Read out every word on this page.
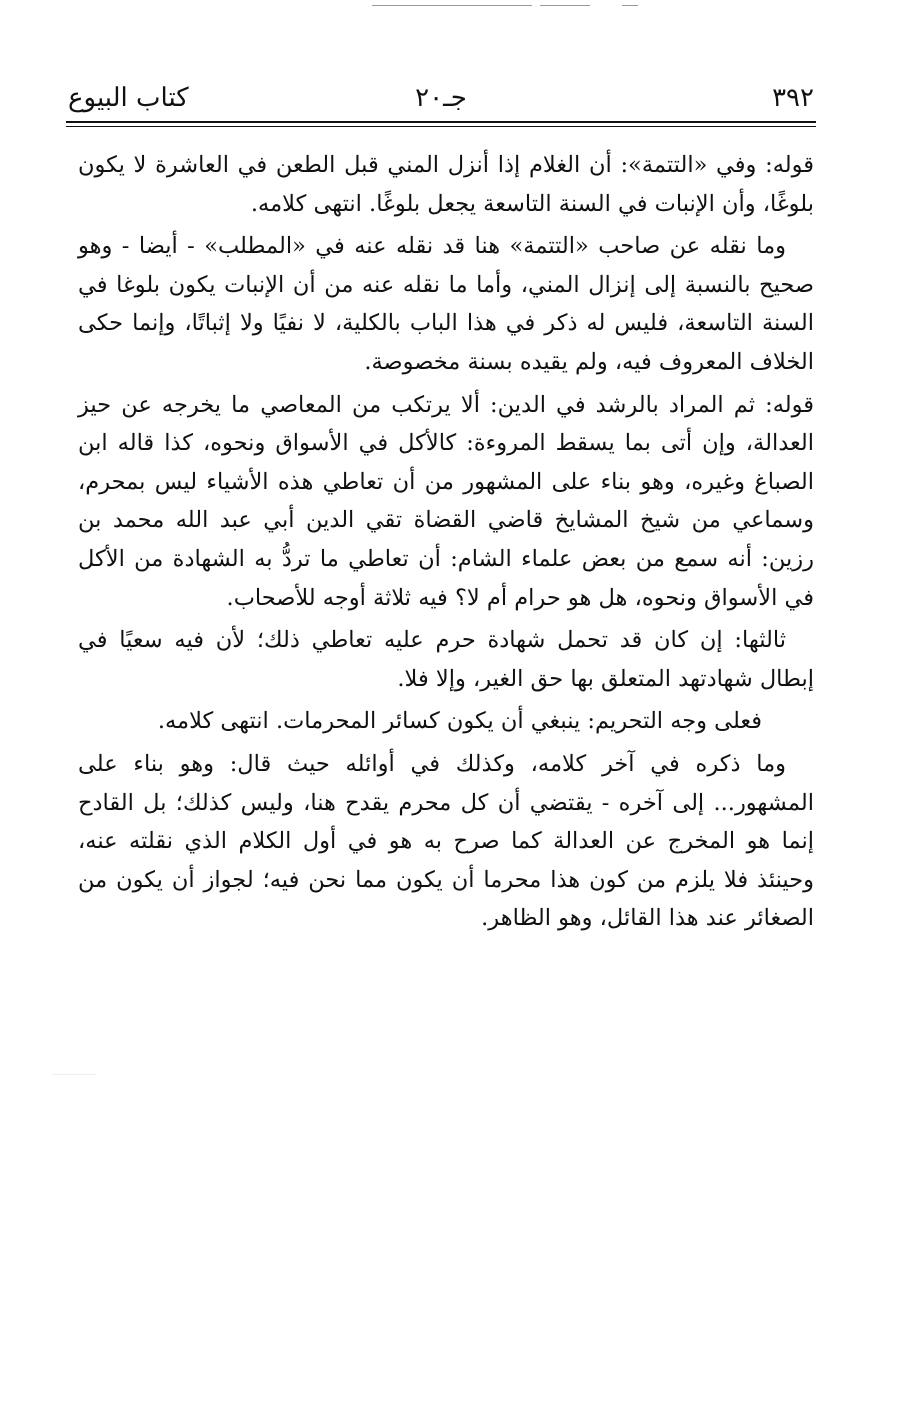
٣٩٢
جـ٢٠
كتاب البيوع

قوله: وفي «التتمة»: أن الغلام إذا أنزل المني قبل الطعن في العاشرة لا يكون بلوغًا، وأن الإنبات في السنة التاسعة يجعل بلوغًا. انتهى كلامه.

وما نقله عن صاحب «التتمة» هنا قد نقله عنه في «المطلب» - أيضا - وهو صحيح بالنسبة إلى إنزال المني، وأما ما نقله عنه من أن الإنبات يكون بلوغا في السنة التاسعة، فليس له ذكر في هذا الباب بالكلية، لا نفيًا ولا إثباتًا، وإنما حكى الخلاف المعروف فيه، ولم يقيده بسنة مخصوصة.

قوله: ثم المراد بالرشد في الدين: ألا يرتكب من المعاصي ما يخرجه عن حيز العدالة، وإن أتى بما يسقط المروءة: كالأكل في الأسواق ونحوه، كذا قاله ابن الصباغ وغيره، وهو بناء على المشهور من أن تعاطي هذه الأشياء ليس بمحرم، وسماعي من شيخ المشايخ قاضي القضاة تقي الدين أبي عبد الله محمد بن رزين: أنه سمع من بعض علماء الشام: أن تعاطي ما تردُّ به الشهادة من الأكل في الأسواق ونحوه، هل هو حرام أم لا؟ فيه ثلاثة أوجه للأصحاب.

ثالثها: إن كان قد تحمل شهادة حرم عليه تعاطي ذلك؛ لأن فيه سعيًا في إبطال شهادتهد المتعلق بها حق الغير، وإلا فلا.

فعلى وجه التحريم: ينبغي أن يكون كسائر المحرمات. انتهى كلامه.

وما ذكره في آخر كلامه، وكذلك في أوائله حيث قال: وهو بناء على المشهور... إلى آخره - يقتضي أن كل محرم يقدح هنا، وليس كذلك؛ بل القادح إنما هو المخرج عن العدالة كما صرح به هو في أول الكلام الذي نقلته عنه، وحينئذ فلا يلزم من كون هذا محرما أن يكون مما نحن فيه؛ لجواز أن يكون من الصغائر عند هذا القائل، وهو الظاهر.
